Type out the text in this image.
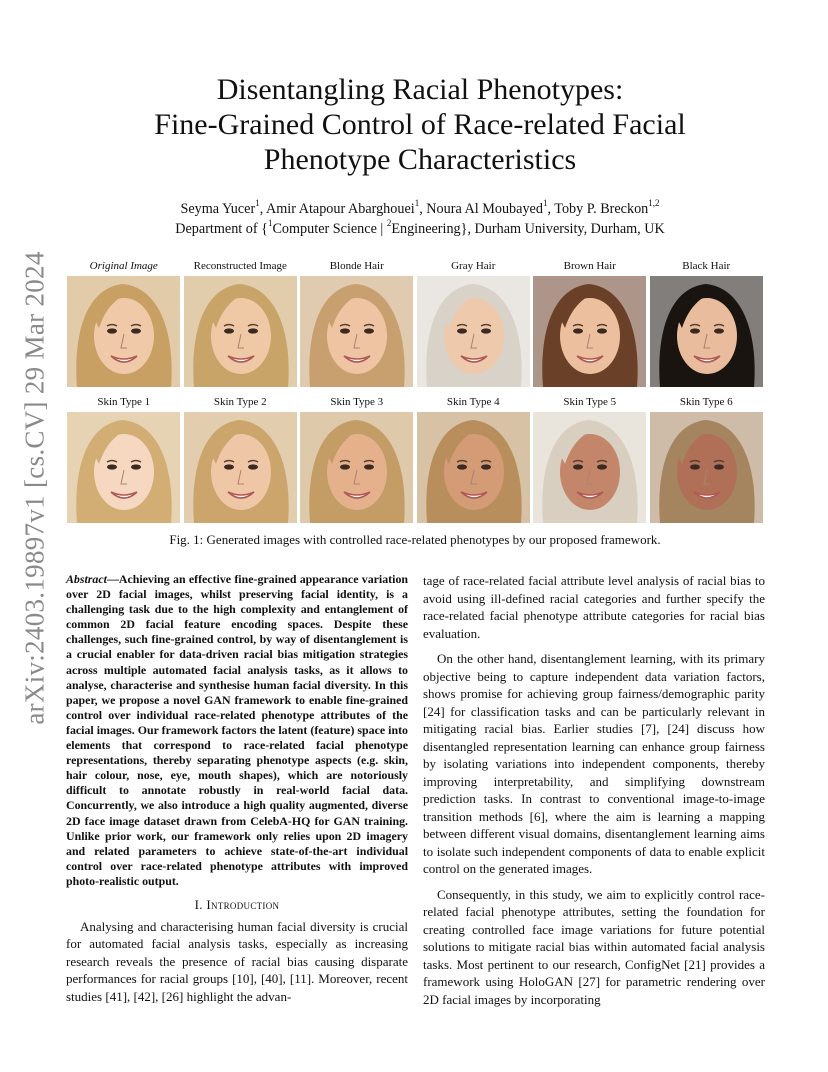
arXiv:2403.19897v1 [cs.CV] 29 Mar 2024
Disentangling Racial Phenotypes:
Fine-Grained Control of Race-related Facial
Phenotype Characteristics
Seyma Yucer$^1$, Amir Atapour Abarghouei$^1$, Noura Al Moubayed$^1$, Toby P. Breckon$^{1,2}$
Department of {$^1$Computer Science | $^2$Engineering}, Durham University, Durham, UK
Original Image	Reconstructed Image	Blonde Hair	Gray Hair	Brown Hair	Black Hair
Skin Type 1	Skin Type 2	Skin Type 3	Skin Type 4	Skin Type 5	Skin Type 6
Fig. 1: Generated images with controlled race-related phenotypes by our proposed framework.
Abstract—Achieving an effective fine-grained appearance variation over 2D facial images, whilst preserving facial identity, is a challenging task due to the high complexity and entanglement of common 2D facial feature encoding spaces. Despite these challenges, such fine-grained control, by way of disentanglement is a crucial enabler for data-driven racial bias mitigation strategies across multiple automated facial analysis tasks, as it allows to analyse, characterise and synthesise human facial diversity. In this paper, we propose a novel GAN framework to enable fine-grained control over individual race-related phenotype attributes of the facial images. Our framework factors the latent (feature) space into elements that correspond to race-related facial phenotype representations, thereby separating phenotype aspects (e.g. skin, hair colour, nose, eye, mouth shapes), which are notoriously difficult to annotate robustly in real-world facial data. Concurrently, we also introduce a high quality augmented, diverse 2D face image dataset drawn from CelebA-HQ for GAN training. Unlike prior work, our framework only relies upon 2D imagery and related parameters to achieve state-of-the-art individual control over race-related phenotype attributes with improved photo-realistic output.
I. Introduction

Analysing and characterising human facial diversity is crucial for automated facial analysis tasks, especially as increasing research reveals the presence of racial bias causing disparate performances for racial groups [10], [40], [11]. Moreover, recent studies [41], [42], [26] highlight the advan-

tage of race-related facial attribute level analysis of racial bias to avoid using ill-defined racial categories and further specify the race-related facial phenotype attribute categories for racial bias evaluation.

On the other hand, disentanglement learning, with its primary objective being to capture independent data variation factors, shows promise for achieving group fairness/demographic parity [24] for classification tasks and can be particularly relevant in mitigating racial bias. Earlier studies [7], [24] discuss how disentangled representation learning can enhance group fairness by isolating variations into independent components, thereby improving interpretability, and simplifying downstream prediction tasks. In contrast to conventional image-to-image transition methods [6], where the aim is learning a mapping between different visual domains, disentanglement learning aims to isolate such independent components of data to enable explicit control on the generated images.

Consequently, in this study, we aim to explicitly control race-related facial phenotype attributes, setting the foundation for creating controlled face image variations for future potential solutions to mitigate racial bias within automated facial analysis tasks. Most pertinent to our research, ConfigNet [21] provides a framework using HoloGAN [27] for parametric rendering over 2D facial images by incorporating
